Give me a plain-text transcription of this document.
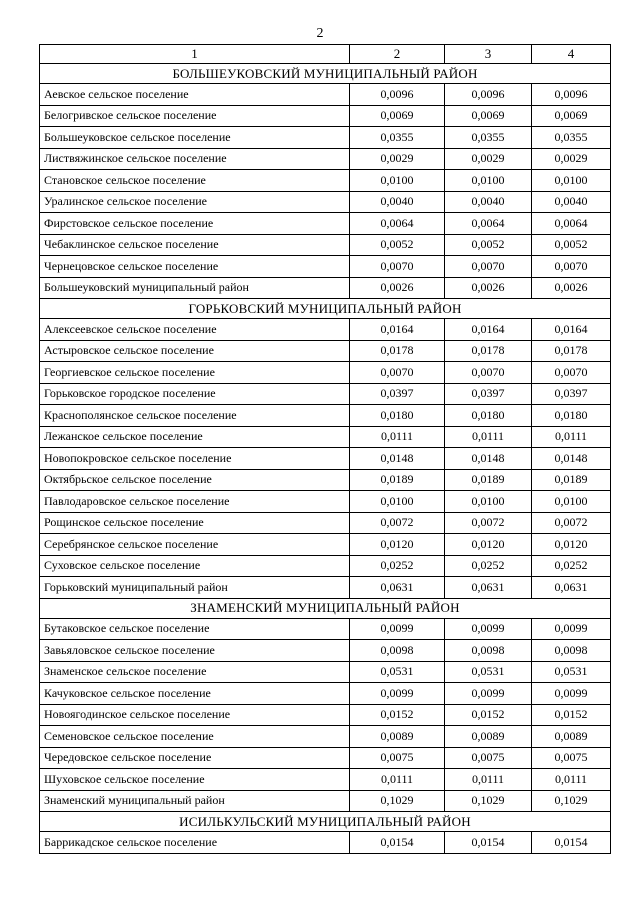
2
1	2	3	4
БОЛЬШЕУКОВСКИЙ МУНИЦИПАЛЬНЫЙ РАЙОН			
Аевское сельское поселение	0,0096	0,0096	0,0096
Белогривское сельское поселение	0,0069	0,0069	0,0069
Большеуковское сельское поселение	0,0355	0,0355	0,0355
Листвяжинское сельское поселение	0,0029	0,0029	0,0029
Становское сельское поселение	0,0100	0,0100	0,0100
Уралинское сельское поселение	0,0040	0,0040	0,0040
Фирстовское сельское поселение	0,0064	0,0064	0,0064
Чебаклинское сельское поселение	0,0052	0,0052	0,0052
Чернецовское сельское поселение	0,0070	0,0070	0,0070
Большеуковский муниципальный район	0,0026	0,0026	0,0026
ГОРЬКОВСКИЙ МУНИЦИПАЛЬНЫЙ РАЙОН			
Алексеевское сельское поселение	0,0164	0,0164	0,0164
Астыровское сельское поселение	0,0178	0,0178	0,0178
Георгиевское сельское поселение	0,0070	0,0070	0,0070
Горьковское городское поселение	0,0397	0,0397	0,0397
Краснополянское сельское поселение	0,0180	0,0180	0,0180
Лежанское сельское поселение	0,0111	0,0111	0,0111
Новопокровское сельское поселение	0,0148	0,0148	0,0148
Октябрьское сельское поселение	0,0189	0,0189	0,0189
Павлодаровское сельское поселение	0,0100	0,0100	0,0100
Рощинское сельское поселение	0,0072	0,0072	0,0072
Серебрянское сельское поселение	0,0120	0,0120	0,0120
Суховское сельское поселение	0,0252	0,0252	0,0252
Горьковский муниципальный район	0,0631	0,0631	0,0631
ЗНАМЕНСКИЙ МУНИЦИПАЛЬНЫЙ РАЙОН			
Бутаковское сельское поселение	0,0099	0,0099	0,0099
Завьяловское сельское поселение	0,0098	0,0098	0,0098
Знаменское сельское поселение	0,0531	0,0531	0,0531
Качуковское сельское поселение	0,0099	0,0099	0,0099
Новоягодинское сельское поселение	0,0152	0,0152	0,0152
Семеновское сельское поселение	0,0089	0,0089	0,0089
Чередовское сельское поселение	0,0075	0,0075	0,0075
Шуховское сельское поселение	0,0111	0,0111	0,0111
Знаменский муниципальный район	0,1029	0,1029	0,1029
ИСИЛЬКУЛЬСКИЙ МУНИЦИПАЛЬНЫЙ РАЙОН			
Баррикадское сельское поселение	0,0154	0,0154	0,0154
